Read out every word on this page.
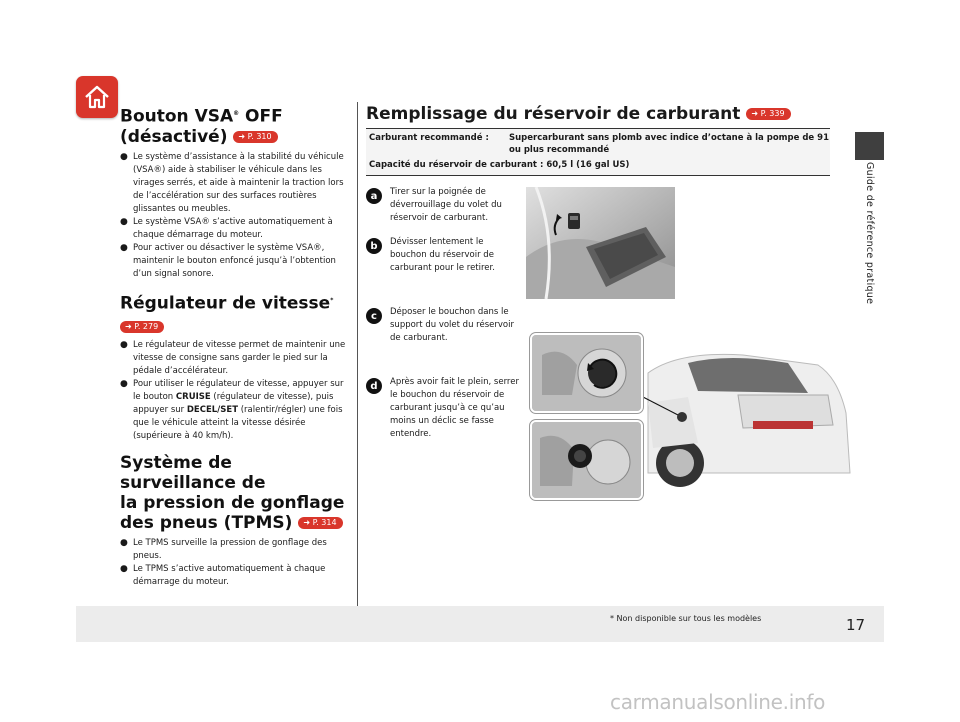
Guide de référence pratique
Bouton VSA® OFF
(désactivé) ➜ P. 310
● Le système d’assistance à la stabilité du véhicule (VSA®) aide à stabiliser le véhicule dans les virages serrés, et aide à maintenir la traction lors de l’accélération sur des surfaces routières glissantes ou meubles.
● Le système VSA® s’active automatiquement à chaque démarrage du moteur.
● Pour activer ou désactiver le système VSA®, maintenir le bouton enfoncé jusqu’à l’obtention d’un signal sonore.
Régulateur de vitesse*
➜ P. 279
● Le régulateur de vitesse permet de maintenir une vitesse de consigne sans garder le pied sur la pédale d’accélérateur.
● Pour utiliser le régulateur de vitesse, appuyer sur le bouton CRUISE (régulateur de vitesse), puis appuyer sur DECEL/SET (ralentir/régler) une fois que le véhicule atteint la vitesse désirée (supérieure à 40 km/h).
Système de surveillance de
la pression de gonflage
des pneus (TPMS) ➜ P. 314
● Le TPMS surveille la pression de gonflage des pneus.
● Le TPMS s’active automatiquement à chaque démarrage du moteur.
Remplissage du réservoir de carburant ➜ P. 339
Carburant recommandé :	Supercarburant sans plomb avec indice d’octane à la pompe de 91 ou plus recommandé
Capacité du réservoir de carburant : 60,5 l (16 gal US)
a	Tirer sur la poignée de déverrouillage du volet du réservoir de carburant.
b	Dévisser lentement le bouchon du réservoir de carburant pour le retirer.
c	Déposer le bouchon dans le support du volet du réservoir de carburant.
d	Après avoir fait le plein, serrer le bouchon du réservoir de carburant jusqu’à ce qu’au moins un déclic se fasse entendre.
* Non disponible sur tous les modèles	17
carmanualsonline.info
